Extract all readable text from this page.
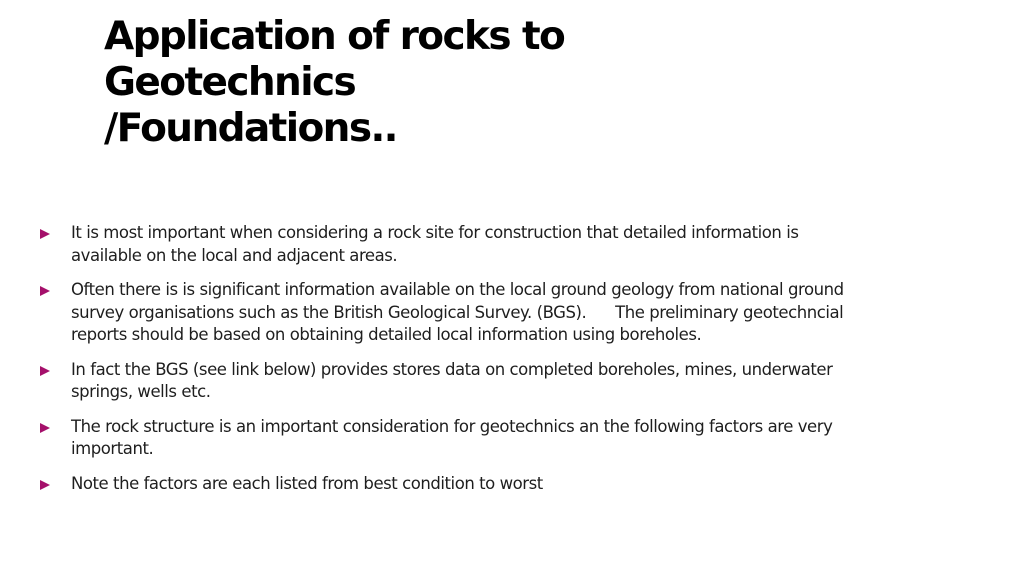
Application of rocks to
Geotechnics
/Foundations..
It is most important when considering a rock site for construction that detailed information is
available on the local and adjacent areas.
Often there is is significant information available on the local ground geology from national ground
survey organisations such as the British Geological Survey. (BGS).      The preliminary geotechncial
reports should be based on obtaining detailed local information using boreholes.
In fact the BGS (see link below) provides stores data on completed boreholes, mines, underwater
springs, wells etc.
The rock structure is an important consideration for geotechnics an the following factors are very
important.
Note the factors are each listed from best condition to worst
